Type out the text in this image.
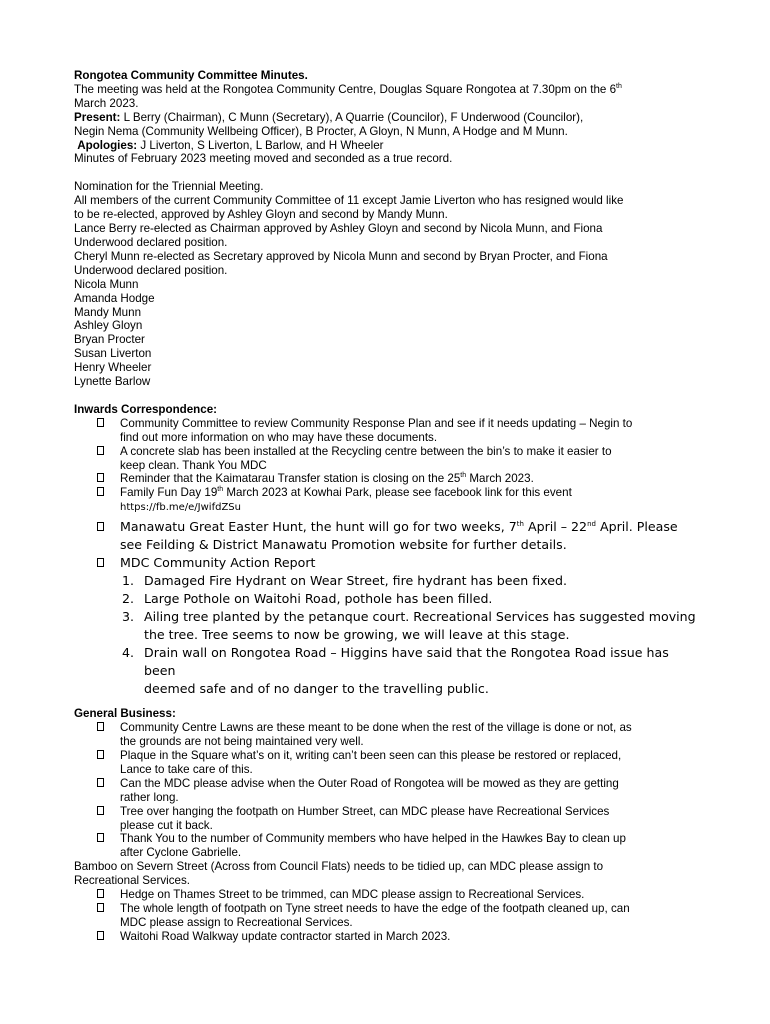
Rongotea Community Committee Minutes.

The meeting was held at the Rongotea Community Centre, Douglas Square Rongotea at 7.30pm on the 6th

March 2023.

Present: L Berry (Chairman), C Munn (Secretary), A Quarrie (Councilor), F Underwood (Councilor),

Negin Nema (Community Wellbeing Officer), B Procter, A Gloyn, N Munn, A Hodge and M Munn.

Apologies: J Liverton, S Liverton, L Barlow, and H Wheeler

Minutes of February 2023 meeting moved and seconded as a true record.

Nomination for the Triennial Meeting.

All members of the current Community Committee of 11 except Jamie Liverton who has resigned would like

to be re-elected, approved by Ashley Gloyn and second by Mandy Munn.

Lance Berry re-elected as Chairman approved by Ashley Gloyn and second by Nicola Munn, and Fiona

Underwood declared position.

Cheryl Munn re-elected as Secretary approved by Nicola Munn and second by Bryan Procter, and Fiona

Underwood declared position.

Nicola Munn

Amanda Hodge

Mandy Munn

Ashley Gloyn

Bryan Procter

Susan Liverton

Henry Wheeler

Lynette Barlow

Inwards Correspondence:

Community Committee to review Community Response Plan and see if it needs updating – Negin to
find out more information on who may have these documents.
A concrete slab has been installed at the Recycling centre between the bin’s to make it easier to
keep clean. Thank You MDC
Reminder that the Kaimatarau Transfer station is closing on the 25th March 2023.
Family Fun Day 19th March 2023 at Kowhai Park, please see facebook link for this event
https://fb.me/e/JwifdZSu
Manawatu Great Easter Hunt, the hunt will go for two weeks, 7th April – 22nd April. Please
see Feilding & District Manawatu Promotion website for further details.
MDC Community Action Report
1. Damaged Fire Hydrant on Wear Street, fire hydrant has been fixed.
2. Large Pothole on Waitohi Road, pothole has been filled.
3. Ailing tree planted by the petanque court. Recreational Services has suggested moving
the tree. Tree seems to now be growing, we will leave at this stage.
4. Drain wall on Rongotea Road – Higgins have said that the Rongotea Road issue has been
deemed safe and of no danger to the travelling public.

General Business:

Community Centre Lawns are these meant to be done when the rest of the village is done or not, as
the grounds are not being maintained very well.
Plaque in the Square what’s on it, writing can’t been seen can this please be restored or replaced,
Lance to take care of this.
Can the MDC please advise when the Outer Road of Rongotea will be mowed as they are getting
rather long.
Tree over hanging the footpath on Humber Street, can MDC please have Recreational Services
please cut it back.
Thank You to the number of Community members who have helped in the Hawkes Bay to clean up
after Cyclone Gabrielle.

Bamboo on Severn Street (Across from Council Flats) needs to be tidied up, can MDC please assign to

Recreational Services.

Hedge on Thames Street to be trimmed, can MDC please assign to Recreational Services.
The whole length of footpath on Tyne street needs to have the edge of the footpath cleaned up, can
MDC please assign to Recreational Services.
Waitohi Road Walkway update contractor started in March 2023.
